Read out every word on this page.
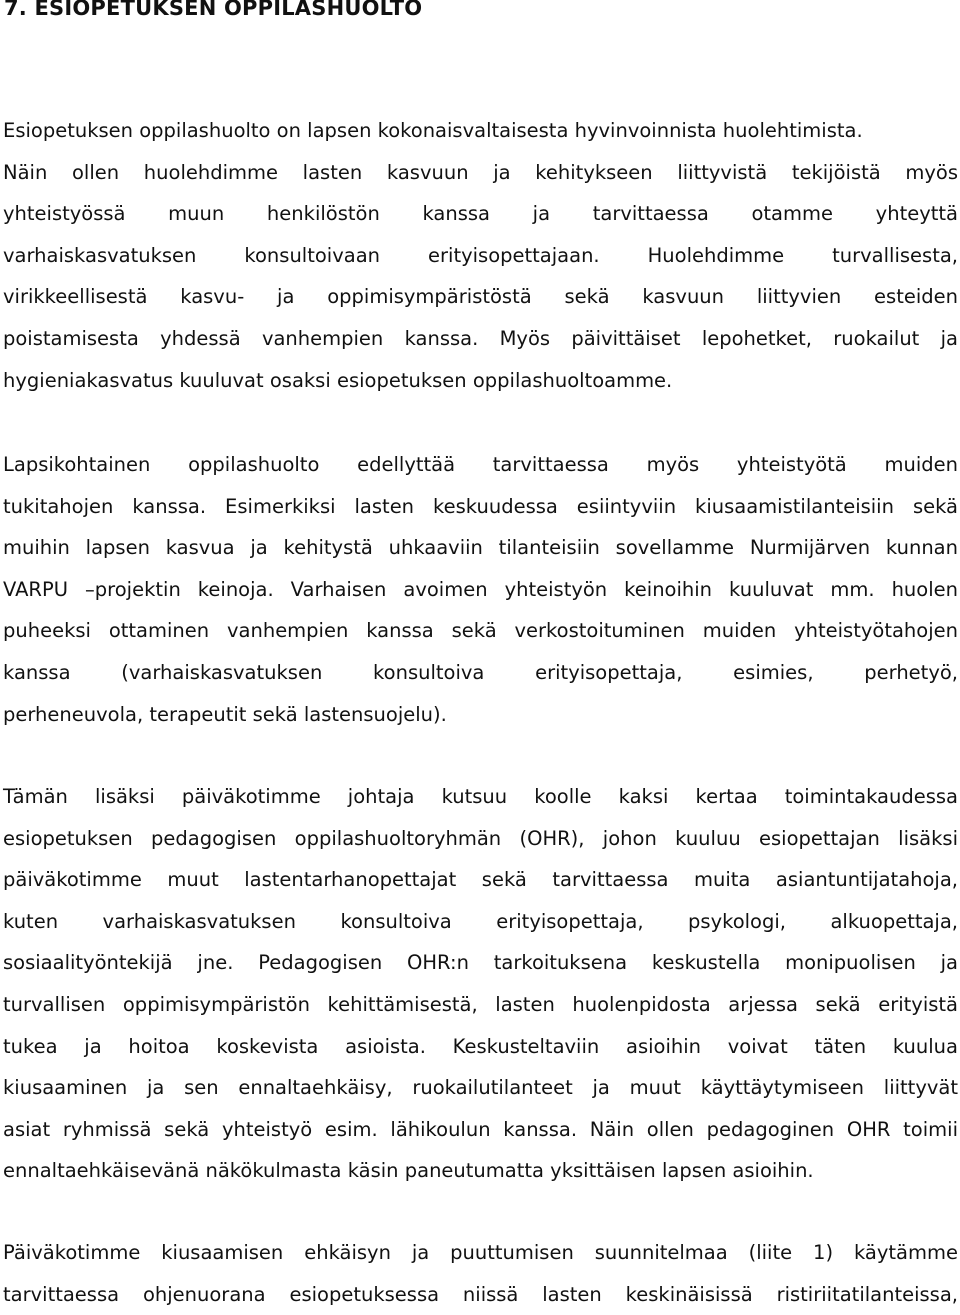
7. ESIOPETUKSEN OPPILASHUOLTO
Esiopetuksen oppilashuolto on lapsen kokonaisvaltaisesta hyvinvoinnista huolehtimista.
Näin ollen huolehdimme lasten kasvuun ja kehitykseen liittyvistä tekijöistä myös
yhteistyössä muun henkilöstön kanssa ja tarvittaessa otamme yhteyttä
varhaiskasvatuksen konsultoivaan erityisopettajaan. Huolehdimme turvallisesta,
virikkeellisestä kasvu- ja oppimisympäristöstä sekä kasvuun liittyvien esteiden
poistamisesta yhdessä vanhempien kanssa. Myös päivittäiset lepohetket, ruokailut ja
hygieniakasvatus kuuluvat osaksi esiopetuksen oppilashuoltoamme.
Lapsikohtainen oppilashuolto edellyttää tarvittaessa myös yhteistyötä muiden
tukitahojen kanssa. Esimerkiksi lasten keskuudessa esiintyviin kiusaamistilanteisiin sekä
muihin lapsen kasvua ja kehitystä uhkaaviin tilanteisiin sovellamme Nurmijärven kunnan
VARPU –projektin keinoja. Varhaisen avoimen yhteistyön keinoihin kuuluvat mm. huolen
puheeksi ottaminen vanhempien kanssa sekä verkostoituminen muiden yhteistyötahojen
kanssa (varhaiskasvatuksen konsultoiva erityisopettaja, esimies, perhetyö,
perheneuvola, terapeutit sekä lastensuojelu).
Tämän lisäksi päiväkotimme johtaja kutsuu koolle kaksi kertaa toimintakaudessa
esiopetuksen pedagogisen oppilashuoltoryhmän (OHR), johon kuuluu esiopettajan lisäksi
päiväkotimme muut lastentarhanopettajat sekä tarvittaessa muita asiantuntijatahoja,
kuten varhaiskasvatuksen konsultoiva erityisopettaja, psykologi, alkuopettaja,
sosiaalityöntekijä jne. Pedagogisen OHR:n tarkoituksena keskustella monipuolisen ja
turvallisen oppimisympäristön kehittämisestä, lasten huolenpidosta arjessa sekä erityistä
tukea ja hoitoa koskevista asioista. Keskusteltaviin asioihin voivat täten kuulua
kiusaaminen ja sen ennaltaehkäisy, ruokailutilanteet ja muut käyttäytymiseen liittyvät
asiat ryhmissä sekä yhteistyö esim. lähikoulun kanssa. Näin ollen pedagoginen OHR toimii
ennaltaehkäisevänä näkökulmasta käsin paneutumatta yksittäisen lapsen asioihin.
Päiväkotimme kiusaamisen ehkäisyn ja puuttumisen suunnitelmaa (liite 1) käytämme
tarvittaessa ohjenuorana esiopetuksessa niissä lasten keskinäisissä ristiriitatilanteissa,
